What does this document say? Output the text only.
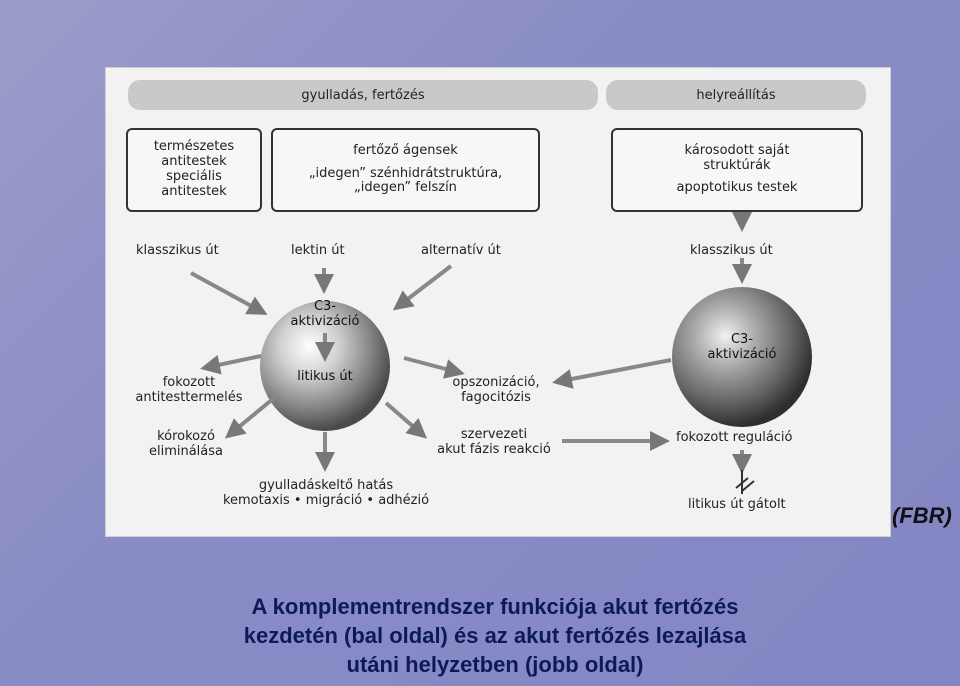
gyulladás, fertőzés	helyreállítás
természetes
antitestek
speciális
antitestek
fertőző ágensek
„idegen” szénhidrátstruktúra,
„idegen” felszín
károsodott saját
struktúrák
apoptotikus testek
klasszikus út	lektin út	alternatív út	klasszikus út
C3-
aktivizáció
litikus út
C3-
aktivizáció
fokozott
antitesttermelés
kórokozó
eliminálása
opszonizáció,
fagocitózis
szervezeti
akut fázis reakció
gyulladáskeltő hatás
kemotaxis • migráció • adhézió
fokozott reguláció
litikus út gátolt	(FBR)
A komplementrendszer funkciója akut fertőzés
kezdetén (bal oldal) és az akut fertőzés lezajlása
utáni helyzetben (jobb oldal)
